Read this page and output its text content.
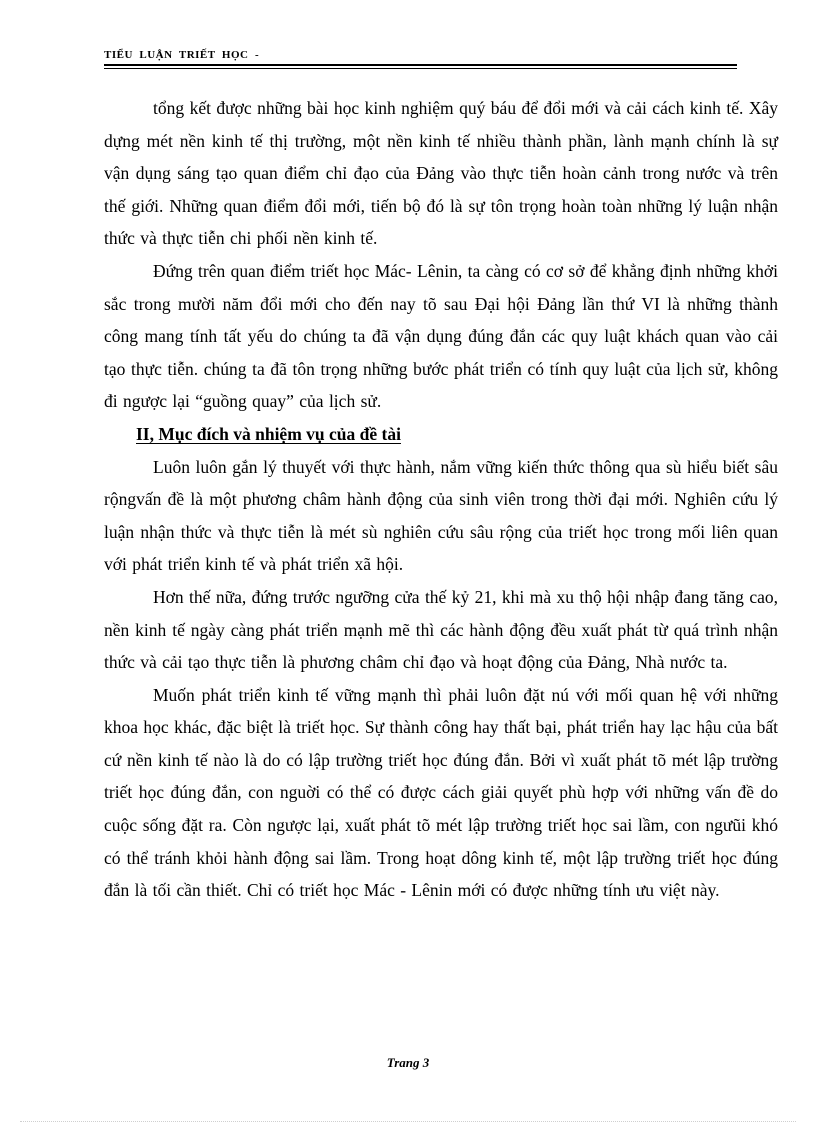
TIỂU  LUẬN  TRIẾT  HỌC  -

tổng kết được những bài học kinh nghiệm quý báu để đổi mới và cải cách kinh tế. Xây dựng mét nền kinh tế thị trường, một nền kinh tế nhiều thành phần, lành mạnh chính là sự vận dụng sáng tạo quan điểm chỉ đạo của Đảng vào thực tiễn hoàn cảnh trong nước và trên thế giới. Những quan điểm đổi mới, tiến bộ đó là sự tôn trọng hoàn toàn những lý luận nhận thức và thực tiễn chi phối nền kinh tế.

Đứng trên quan điểm triết học Mác- Lênin, ta càng có cơ sở để khẳng định những khởi sắc trong mười năm đổi mới cho đến nay tõ sau Đại hội Đảng lần thứ VI là những thành công mang tính tất yếu do chúng ta đã vận dụng đúng đắn các quy luật khách quan vào cải tạo thực tiễn. chúng ta đã tôn trọng những bước phát triển có tính quy luật của lịch sử, không đi ngược lại “guồng quay” của lịch sử.

II, Mục đích và nhiệm vụ của đề tài

Luôn luôn gắn lý thuyết với thực hành, nắm vững kiến thức thông qua sù hiểu biết sâu rộngvấn đề là một phương châm hành động của sinh viên trong thời đại mới. Nghiên cứu lý luận nhận thức và thực tiễn là mét sù nghiên cứu sâu rộng của triết học trong mối liên quan với phát triển kinh tế và phát triển xã hội.

Hơn thế nữa, đứng trước ngưỡng cửa thế kỷ 21, khi mà xu thộ hội nhập đang tăng cao, nền kinh tế ngày càng phát triển mạnh mẽ thì các hành động đều xuất phát từ quá trình nhận thức và cải tạo thực tiễn là phương châm chỉ đạo và hoạt động của Đảng, Nhà nước ta.

Muốn phát triển kinh tế vững mạnh thì phải luôn đặt nú với mối quan hệ với những khoa học khác, đặc biệt là triết học. Sự thành công hay thất bại, phát triển hay lạc hậu của bất cứ nền kinh tế nào là do có lập trường triết học đúng đắn. Bởi vì xuất phát tõ mét lập trường triết học đúng đắn, con nguời có thể có được cách giải quyết phù hợp với những vấn đề do cuộc sống đặt ra. Còn ngược lại, xuất phát tõ mét lập trường triết học sai lầm, con ngưũi khó có thể tránh khỏi hành động sai lầm. Trong hoạt dông kinh tế, một lập trường triết học đúng đắn là tối cần thiết. Chỉ có triết học Mác - Lênin mới có được những tính ưu việt này.

Trang 3
